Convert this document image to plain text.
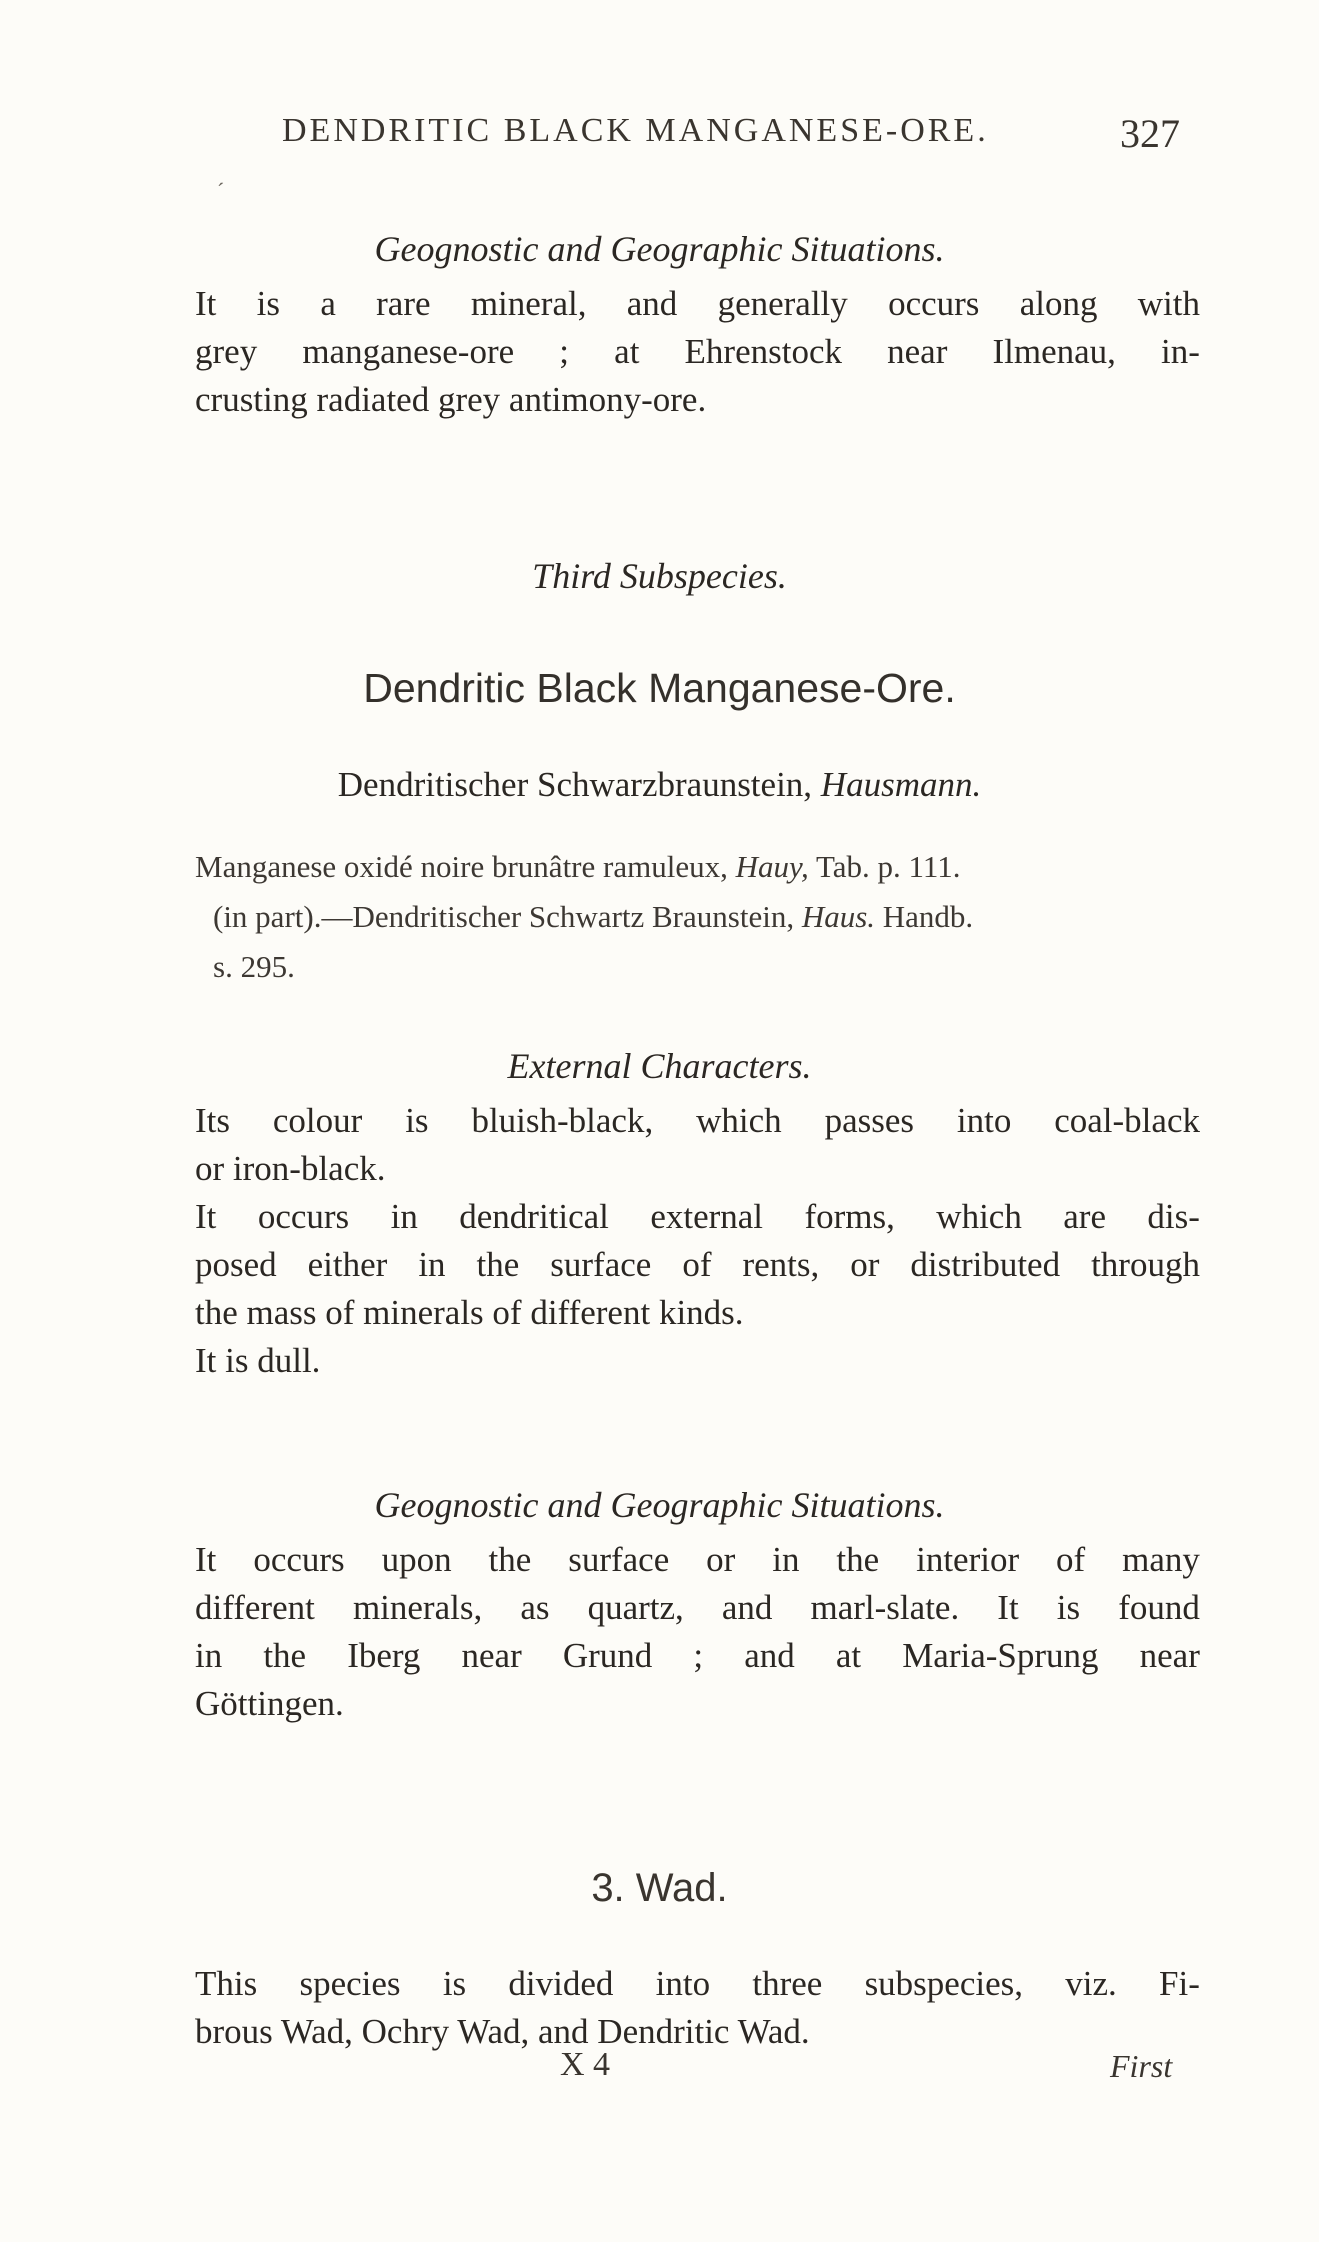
DENDRITIC BLACK MANGANESE-ORE.	327
´
Geognostic and Geographic Situations.
It is a rare mineral, and generally occurs along with
grey manganese-ore ; at Ehrenstock near Ilmenau, in-
crusting radiated grey antimony-ore.
Third Subspecies.
Dendritic Black Manganese-Ore.
Dendritischer Schwarzbraunstein, Hausmann.
Manganese oxidé noire brunâtre ramuleux, Hauy, Tab. p. 111.
(in part).—Dendritischer Schwartz Braunstein, Haus. Handb.
s. 295.
External Characters.
Its colour is bluish-black, which passes into coal-black
or iron-black.
It occurs in dendritical external forms, which are dis-
posed either in the surface of rents, or distributed through
the mass of minerals of different kinds.
It is dull.
Geognostic and Geographic Situations.
It occurs upon the surface or in the interior of many
different minerals, as quartz, and marl-slate. It is found
in the Iberg near Grund ; and at Maria-Sprung near
Göttingen.
3. Wad.
This species is divided into three subspecies, viz. Fi-
brous Wad, Ochry Wad, and Dendritic Wad.
X 4	First
